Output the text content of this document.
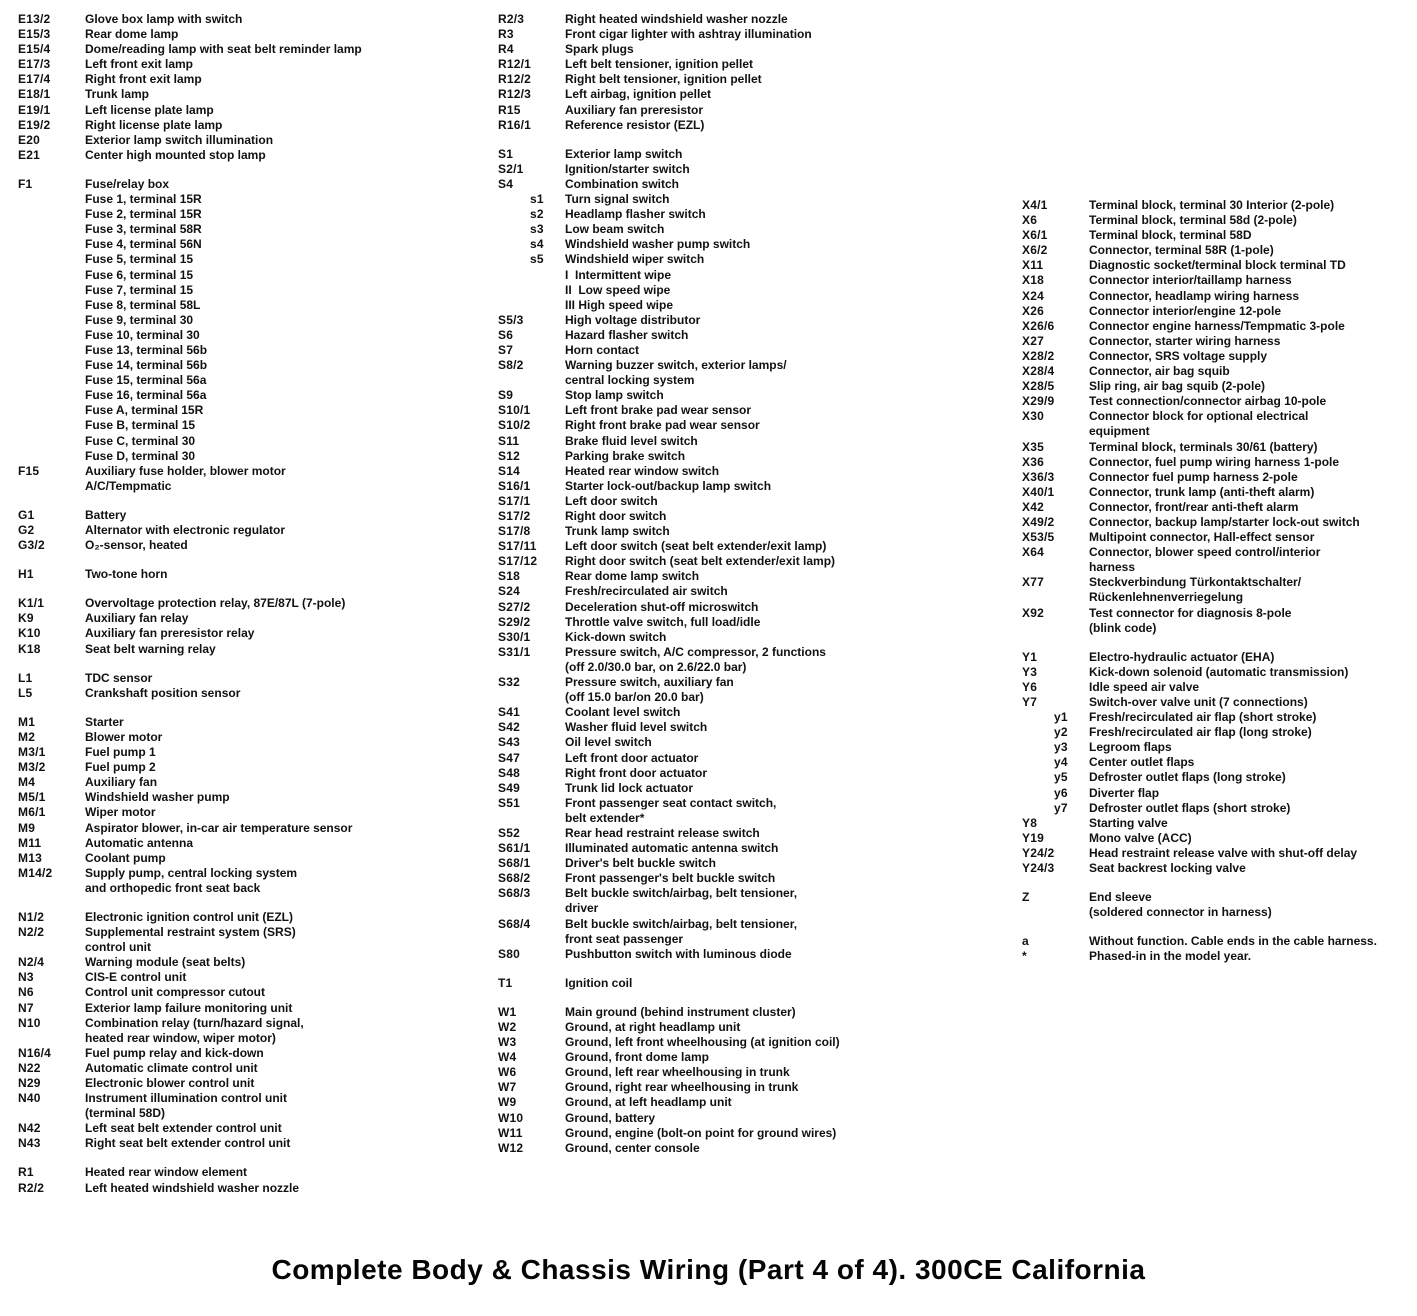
E13/2	Glove box lamp with switch
E15/3	Rear dome lamp
E15/4	Dome/reading lamp with seat belt reminder lamp
E17/3	Left front exit lamp
E17/4	Right front exit lamp
E18/1	Trunk lamp
E19/1	Left license plate lamp
E19/2	Right license plate lamp
E20	Exterior lamp switch illumination
E21	Center high mounted stop lamp
F1	Fuse/relay box
Fuse 1, terminal 15R
Fuse 2, terminal 15R
Fuse 3, terminal 58R
Fuse 4, terminal 56N
Fuse 5, terminal 15
Fuse 6, terminal 15
Fuse 7, terminal 15
Fuse 8, terminal 58L
Fuse 9, terminal 30
Fuse 10, terminal 30
Fuse 13, terminal 56b
Fuse 14, terminal 56b
Fuse 15, terminal 56a
Fuse 16, terminal 56a
Fuse A, terminal 15R
Fuse B, terminal 15
Fuse C, terminal 30
Fuse D, terminal 30
F15	Auxiliary fuse holder, blower motor
A/C/Tempmatic
G1	Battery
G2	Alternator with electronic regulator
G3/2	O₂-sensor, heated
H1	Two-tone horn
K1/1	Overvoltage protection relay, 87E/87L (7-pole)
K9	Auxiliary fan relay
K10	Auxiliary fan preresistor relay
K18	Seat belt warning relay
L1	TDC sensor
L5	Crankshaft position sensor
M1	Starter
M2	Blower motor
M3/1	Fuel pump 1
M3/2	Fuel pump 2
M4	Auxiliary fan
M5/1	Windshield washer pump
M6/1	Wiper motor
M9	Aspirator blower, in-car air temperature sensor
M11	Automatic antenna
M13	Coolant pump
M14/2	Supply pump, central locking system
and orthopedic front seat back
N1/2	Electronic ignition control unit (EZL)
N2/2	Supplemental restraint system (SRS)
control unit
N2/4	Warning module (seat belts)
N3	CIS-E control unit
N6	Control unit compressor cutout
N7	Exterior lamp failure monitoring unit
N10	Combination relay (turn/hazard signal,
heated rear window, wiper motor)
N16/4	Fuel pump relay and kick-down
N22	Automatic climate control unit
N29	Electronic blower control unit
N40	Instrument illumination control unit
(terminal 58D)
N42	Left seat belt extender control unit
N43	Right seat belt extender control unit
R1	Heated rear window element
R2/2	Left heated windshield washer nozzle
R2/3	Right heated windshield washer nozzle
R3	Front cigar lighter with ashtray illumination
R4	Spark plugs
R12/1	Left belt tensioner, ignition pellet
R12/2	Right belt tensioner, ignition pellet
R12/3	Left airbag, ignition pellet
R15	Auxiliary fan preresistor
R16/1	Reference resistor (EZL)
S1	Exterior lamp switch
S2/1	Ignition/starter switch
S4	Combination switch
s1	Turn signal switch
s2	Headlamp flasher switch
s3	Low beam switch
s4	Windshield washer pump switch
s5	Windshield wiper switch
I  Intermittent wipe
II  Low speed wipe
III High speed wipe
S5/3	High voltage distributor
S6	Hazard flasher switch
S7	Horn contact
S8/2	Warning buzzer switch, exterior lamps/
central locking system
S9	Stop lamp switch
S10/1	Left front brake pad wear sensor
S10/2	Right front brake pad wear sensor
S11	Brake fluid level switch
S12	Parking brake switch
S14	Heated rear window switch
S16/1	Starter lock-out/backup lamp switch
S17/1	Left door switch
S17/2	Right door switch
S17/8	Trunk lamp switch
S17/11	Left door switch (seat belt extender/exit lamp)
S17/12	Right door switch (seat belt extender/exit lamp)
S18	Rear dome lamp switch
S24	Fresh/recirculated air switch
S27/2	Deceleration shut-off microswitch
S29/2	Throttle valve switch, full load/idle
S30/1	Kick-down switch
S31/1	Pressure switch, A/C compressor, 2 functions
(off 2.0/30.0 bar, on 2.6/22.0 bar)
S32	Pressure switch, auxiliary fan
(off 15.0 bar/on 20.0 bar)
S41	Coolant level switch
S42	Washer fluid level switch
S43	Oil level switch
S47	Left front door actuator
S48	Right front door actuator
S49	Trunk lid lock actuator
S51	Front passenger seat contact switch,
belt extender*
S52	Rear head restraint release switch
S61/1	Illuminated automatic antenna switch
S68/1	Driver's belt buckle switch
S68/2	Front passenger's belt buckle switch
S68/3	Belt buckle switch/airbag, belt tensioner,
driver
S68/4	Belt buckle switch/airbag, belt tensioner,
front seat passenger
S80	Pushbutton switch with luminous diode
T1	Ignition coil
W1	Main ground (behind instrument cluster)
W2	Ground, at right headlamp unit
W3	Ground, left front wheelhousing (at ignition coil)
W4	Ground, front dome lamp
W6	Ground, left rear wheelhousing in trunk
W7	Ground, right rear wheelhousing in trunk
W9	Ground, at left headlamp unit
W10	Ground, battery
W11	Ground, engine (bolt-on point for ground wires)
W12	Ground, center console
X4/1	Terminal block, terminal 30 Interior (2-pole)
X6	Terminal block, terminal 58d (2-pole)
X6/1	Terminal block, terminal 58D
X6/2	Connector, terminal 58R (1-pole)
X11	Diagnostic socket/terminal block terminal TD
X18	Connector interior/taillamp harness
X24	Connector, headlamp wiring harness
X26	Connector interior/engine 12-pole
X26/6	Connector engine harness/Tempmatic 3-pole
X27	Connector, starter wiring harness
X28/2	Connector, SRS voltage supply
X28/4	Connector, air bag squib
X28/5	Slip ring, air bag squib (2-pole)
X29/9	Test connection/connector airbag 10-pole
X30	Connector block for optional electrical
equipment
X35	Terminal block, terminals 30/61 (battery)
X36	Connector, fuel pump wiring harness 1-pole
X36/3	Connector fuel pump harness 2-pole
X40/1	Connector, trunk lamp (anti-theft alarm)
X42	Connector, front/rear anti-theft alarm
X49/2	Connector, backup lamp/starter lock-out switch
X53/5	Multipoint connector, Hall-effect sensor
X64	Connector, blower speed control/interior
harness
X77	Steckverbindung Türkontaktschalter/
Rückenlehnenverriegelung
X92	Test connector for diagnosis 8-pole
(blink code)
Y1	Electro-hydraulic actuator (EHA)
Y3	Kick-down solenoid (automatic transmission)
Y6	Idle speed air valve
Y7	Switch-over valve unit (7 connections)
y1	Fresh/recirculated air flap (short stroke)
y2	Fresh/recirculated air flap (long stroke)
y3	Legroom flaps
y4	Center outlet flaps
y5	Defroster outlet flaps (long stroke)
y6	Diverter flap
y7	Defroster outlet flaps (short stroke)
Y8	Starting valve
Y19	Mono valve (ACC)
Y24/2	Head restraint release valve with shut-off delay
Y24/3	Seat backrest locking valve
Z	End sleeve
(soldered connector in harness)
a	Without function. Cable ends in the cable harness.
*	Phased-in in the model year.
Complete Body & Chassis Wiring (Part 4 of 4). 300CE California
